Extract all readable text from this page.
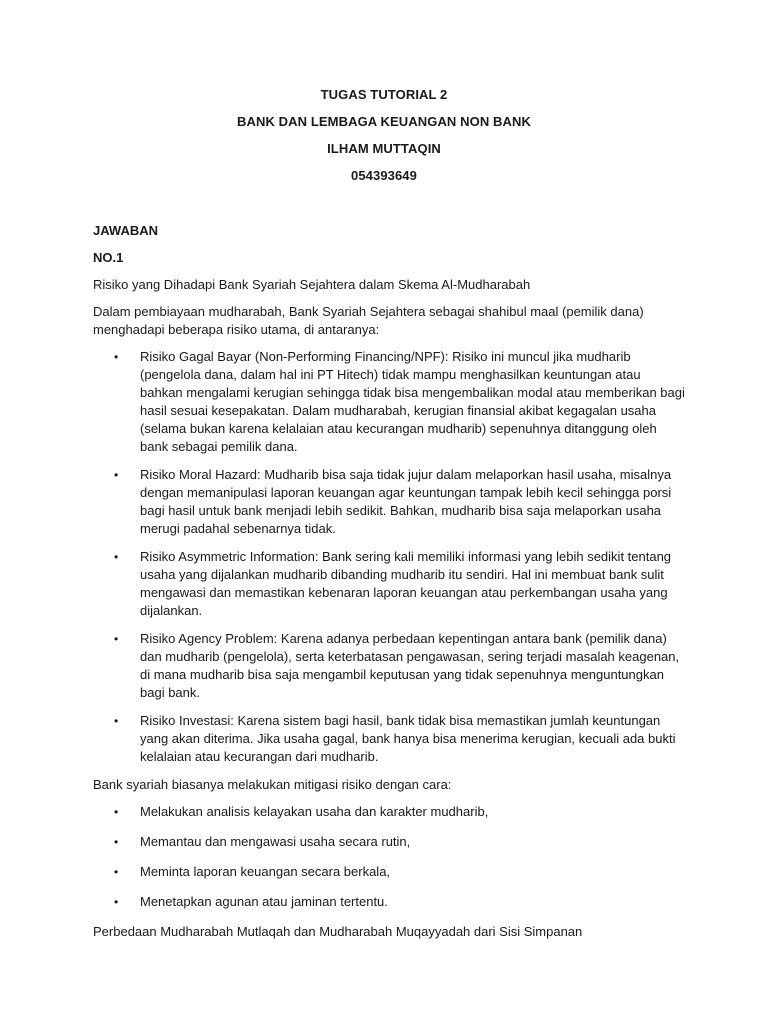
TUGAS TUTORIAL 2
BANK DAN LEMBAGA KEUANGAN NON BANK
ILHAM MUTTAQIN
054393649

JAWABAN

NO.1

Risiko yang Dihadapi Bank Syariah Sejahtera dalam Skema Al-Mudharabah

Dalam pembiayaan mudharabah, Bank Syariah Sejahtera sebagai shahibul maal (pemilik dana) menghadapi beberapa risiko utama, di antaranya:

• Risiko Gagal Bayar (Non-Performing Financing/NPF): Risiko ini muncul jika mudharib (pengelola dana, dalam hal ini PT Hitech) tidak mampu menghasilkan keuntungan atau bahkan mengalami kerugian sehingga tidak bisa mengembalikan modal atau memberikan bagi hasil sesuai kesepakatan. Dalam mudharabah, kerugian finansial akibat kegagalan usaha (selama bukan karena kelalaian atau kecurangan mudharib) sepenuhnya ditanggung oleh bank sebagai pemilik dana.
• Risiko Moral Hazard: Mudharib bisa saja tidak jujur dalam melaporkan hasil usaha, misalnya dengan memanipulasi laporan keuangan agar keuntungan tampak lebih kecil sehingga porsi bagi hasil untuk bank menjadi lebih sedikit. Bahkan, mudharib bisa saja melaporkan usaha merugi padahal sebenarnya tidak.
• Risiko Asymmetric Information: Bank sering kali memiliki informasi yang lebih sedikit tentang usaha yang dijalankan mudharib dibanding mudharib itu sendiri. Hal ini membuat bank sulit mengawasi dan memastikan kebenaran laporan keuangan atau perkembangan usaha yang dijalankan.
• Risiko Agency Problem: Karena adanya perbedaan kepentingan antara bank (pemilik dana) dan mudharib (pengelola), serta keterbatasan pengawasan, sering terjadi masalah keagenan, di mana mudharib bisa saja mengambil keputusan yang tidak sepenuhnya menguntungkan bagi bank.
• Risiko Investasi: Karena sistem bagi hasil, bank tidak bisa memastikan jumlah keuntungan yang akan diterima. Jika usaha gagal, bank hanya bisa menerima kerugian, kecuali ada bukti kelalaian atau kecurangan dari mudharib.

Bank syariah biasanya melakukan mitigasi risiko dengan cara:

• Melakukan analisis kelayakan usaha dan karakter mudharib,
• Memantau dan mengawasi usaha secara rutin,
• Meminta laporan keuangan secara berkala,
• Menetapkan agunan atau jaminan tertentu.

Perbedaan Mudharabah Mutlaqah dan Mudharabah Muqayyadah dari Sisi Simpanan
